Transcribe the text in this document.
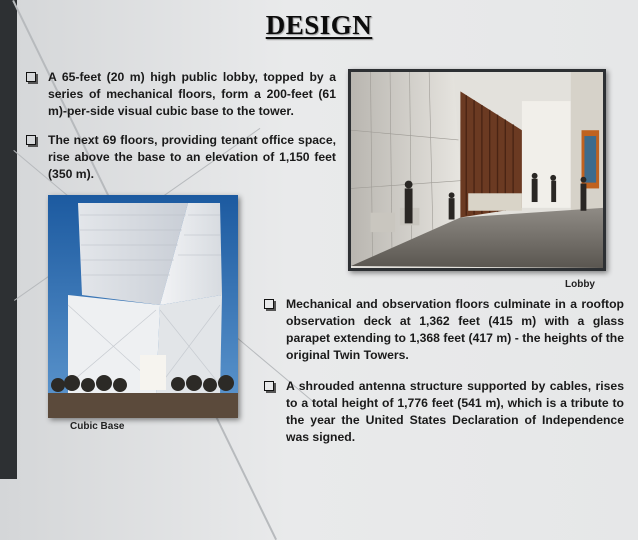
DESIGN
A 65-feet (20 m) high public lobby, topped by a series of mechanical floors, form a 200-feet (61 m)-per-side visual cubic base to the tower.
The next 69 floors, providing tenant office space, rise above the base to an elevation of 1,150 feet (350 m).
Mechanical and observation floors culminate in a rooftop observation deck at 1,362 feet (415 m) with a glass parapet extending to 1,368 feet (417 m) - the heights of the original Twin Towers.
A shrouded antenna structure supported by cables, rises to a total height of 1,776 feet (541 m), which is a tribute to the year the United States Declaration of Independence was signed.
Lobby
Cubic Base
